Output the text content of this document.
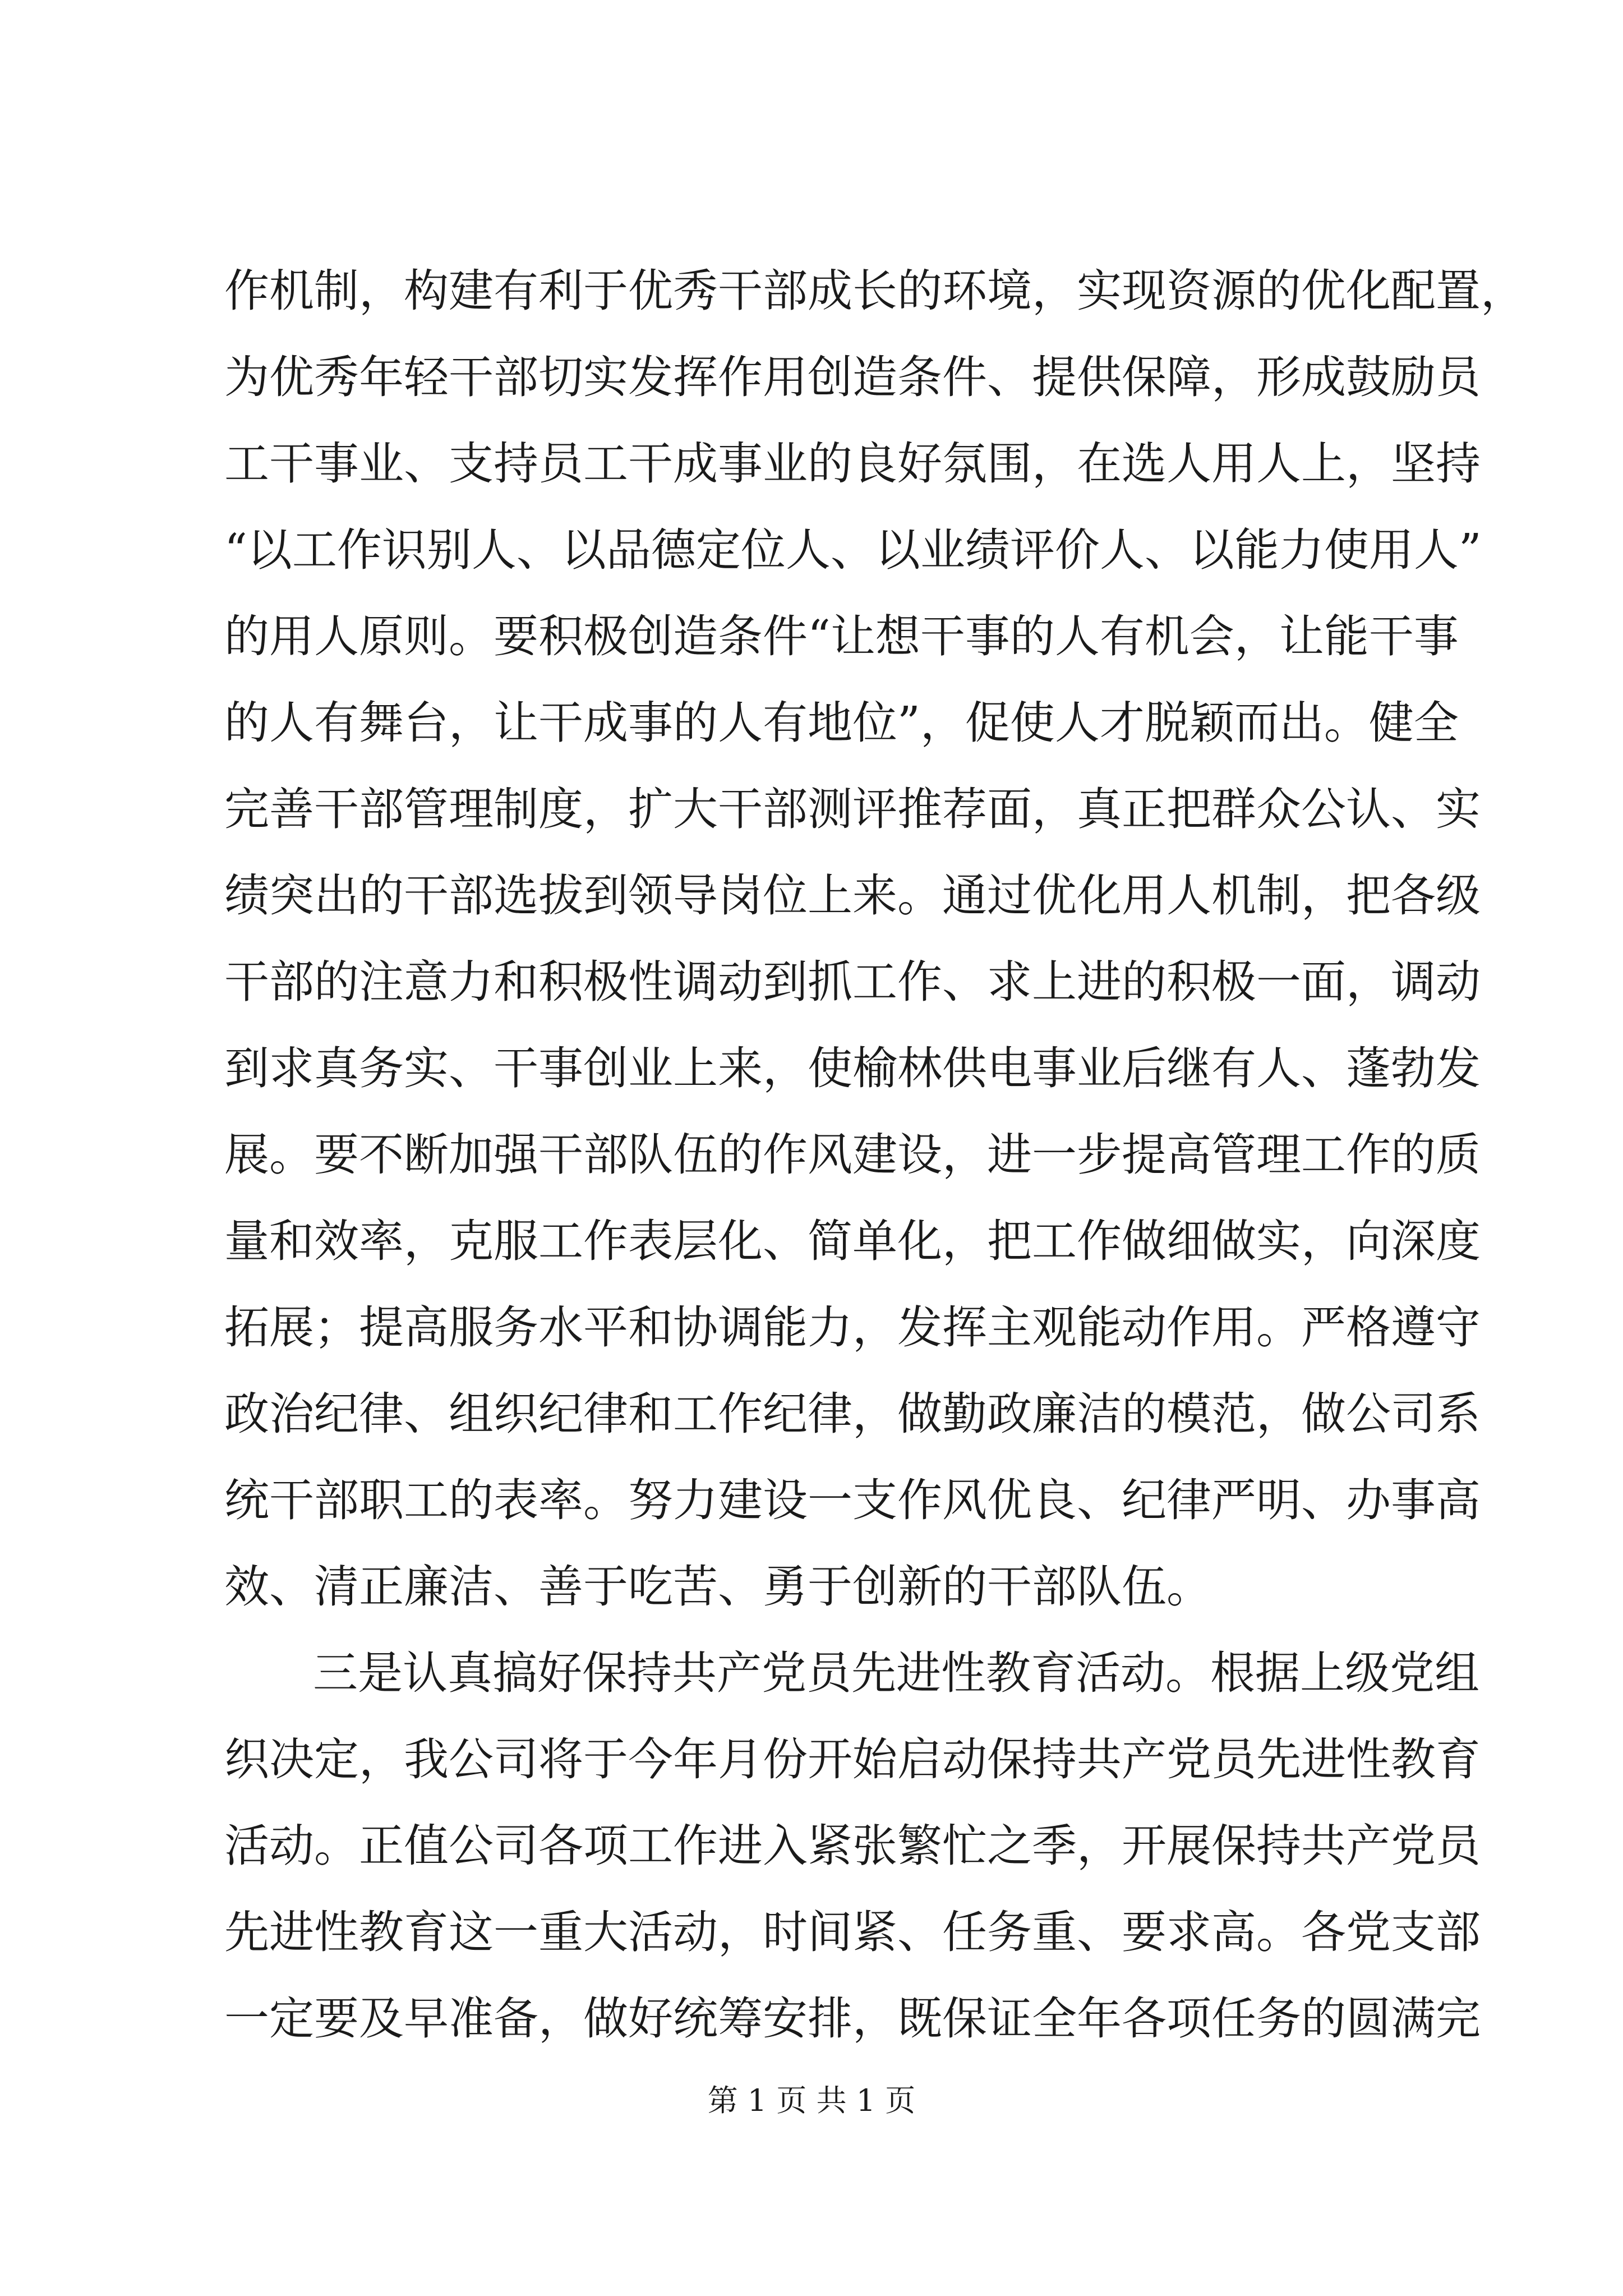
作机制，构建有利于优秀干部成长的环境，实现资源的优化配置，
为优秀年轻干部切实发挥作用创造条件、提供保障，形成鼓励员
工干事业、支持员工干成事业的良好氛围，在选人用人上，坚持
“以工作识别人、以品德定位人、以业绩评价人、以能力使用人”
的用人原则。要积极创造条件“让想干事的人有机会，让能干事
的人有舞台，让干成事的人有地位”，促使人才脱颖而出。健全
完善干部管理制度，扩大干部测评推荐面，真正把群众公认、实
绩突出的干部选拔到领导岗位上来。通过优化用人机制，把各级
干部的注意力和积极性调动到抓工作、求上进的积极一面，调动
到求真务实、干事创业上来，使榆林供电事业后继有人、蓬勃发
展。要不断加强干部队伍的作风建设，进一步提高管理工作的质
量和效率，克服工作表层化、简单化，把工作做细做实，向深度
拓展；提高服务水平和协调能力，发挥主观能动作用。严格遵守
政治纪律、组织纪律和工作纪律，做勤政廉洁的模范，做公司系
统干部职工的表率。努力建设一支作风优良、纪律严明、办事高
效、清正廉洁、善于吃苦、勇于创新的干部队伍。
三是认真搞好保持共产党员先进性教育活动。根据上级党组
织决定，我公司将于今年月份开始启动保持共产党员先进性教育
活动。正值公司各项工作进入紧张繁忙之季，开展保持共产党员
先进性教育这一重大活动，时间紧、任务重、要求高。各党支部
一定要及早准备，做好统筹安排，既保证全年各项任务的圆满完
第 1 页 共 1 页
